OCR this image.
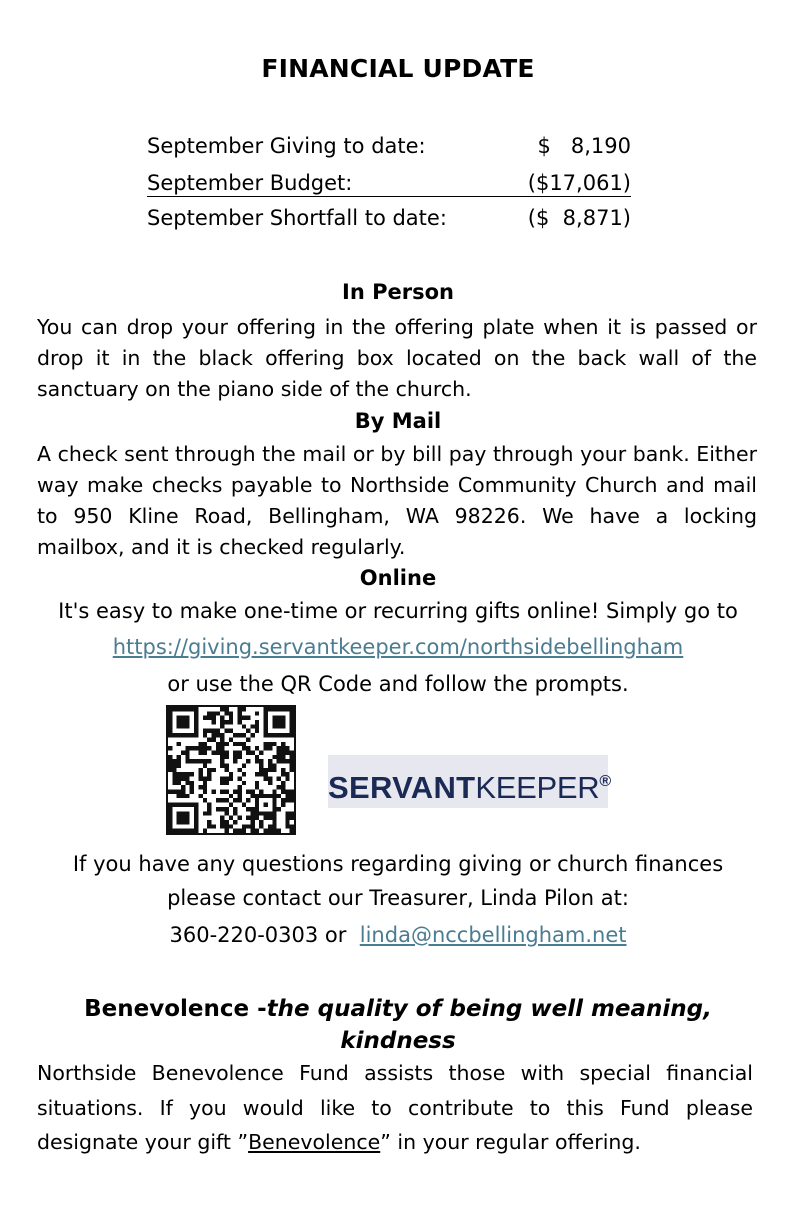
FINANCIAL UPDATE
September Giving to date:	$   8,190
September Budget:	($17,061)
September Shortfall to date:	($  8,871)
In Person
You can drop your offering in the offering plate when it is passed or drop it in the black offering box located on the back wall of the sanctuary on the piano side of the church.
By Mail
A check sent through the mail or by bill pay through your bank. Either way make checks payable to Northside Community Church and mail to 950 Kline Road, Bellingham, WA 98226. We have a locking mailbox, and it is checked regularly.
Online
It's easy to make one-time or recurring gifts online! Simply go to
https://giving.servantkeeper.com/northsidebellingham
or use the QR Code and follow the prompts.
SERVANTKEEPER®
If you have any questions regarding giving or church finances
please contact our Treasurer, Linda Pilon at:
360-220-0303 or linda@nccbellingham.net
Benevolence -the quality of being well meaning,
kindness
Northside Benevolence Fund assists those with special financial situations. If you would like to contribute to this Fund please designate your gift ”Benevolence” in your regular offering.
